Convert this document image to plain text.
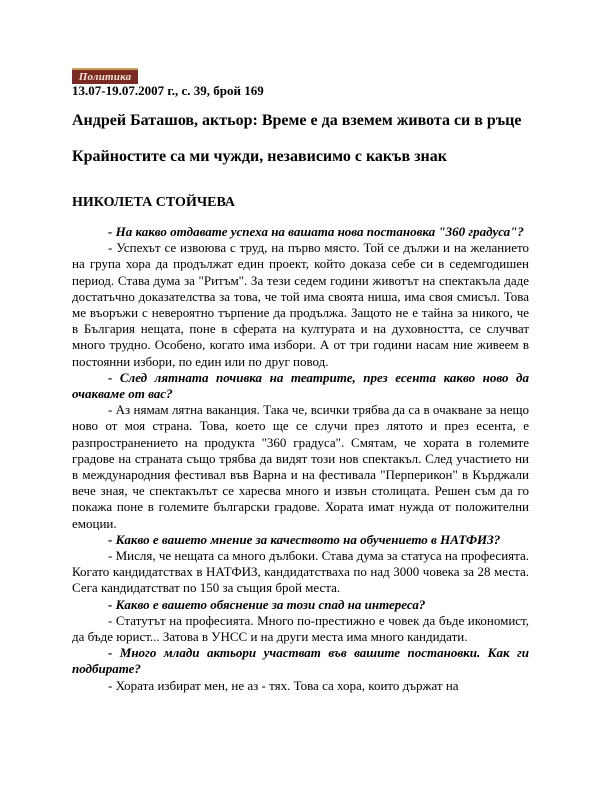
Политика
13.07-19.07.2007 г., с. 39, брой 169
Андрей Баташов, актьор: Време е да вземем живота си в ръце
Крайностите са ми чужди, независимо с какъв знак
НИКОЛЕТА СТОЙЧЕВА

- На какво отдавате успеха на вашата нова постановка "360 градуса"?

- Успехът се извоюва с труд, на първо място. Той се дължи и на желанието на група хора да продължат един проект, който доказа себе си в седемгодишен период. Става дума за "Ритъм". За тези седем години животът на спектакъла даде достатъчно доказателства за това, че той има своята ниша, има своя смисъл. Това ме въоръжи с невероятно търпение да продължа. Защото не е тайна за никого, че в България нещата, поне в сферата на културата и на духовността, се случват много трудно. Особено, когато има избори. А от три години насам ние живеем в постоянни избори, по един или по друг повод.

- След лятната почивка на театрите, през есента какво ново да очакваме от вас?

- Аз нямам лятна ваканция. Така че, всички трябва да са в очакване за нещо ново от моя страна. Това, което ще се случи през лятото и през есента, е разпространението на продукта "360 градуса". Смятам, че хората в големите градове на страната също трябва да видят този нов спектакъл. След участието ни в международния фестивал във Варна и на фестивала "Перперикон" в Кърджали вече зная, че спектакълът се харесва много и извън столицата. Решен съм да го покажа поне в големите български градове. Хората имат нужда от положителни емоции.

- Какво е вашето мнение за качеството на обучението в НАТФИЗ?

- Мисля, че нещата са много дълбоки. Става дума за статуса на професията. Когато кандидатствах в НАТФИЗ, кандидатстваха по над 3000 човека за 28 места. Сега кандидатстват по 150 за същия брой места.

- Какво е вашето обяснение за този спад на интереса?

- Статутът на професията. Много по-престижно е човек да бъде икономист, да бъде юрист... Затова в УНСС и на други места има много кандидати.

- Много млади актьори участват във вашите постановки. Как ги подбирате?

- Хората избират мен, не аз - тях. Това са хора, които държат на
